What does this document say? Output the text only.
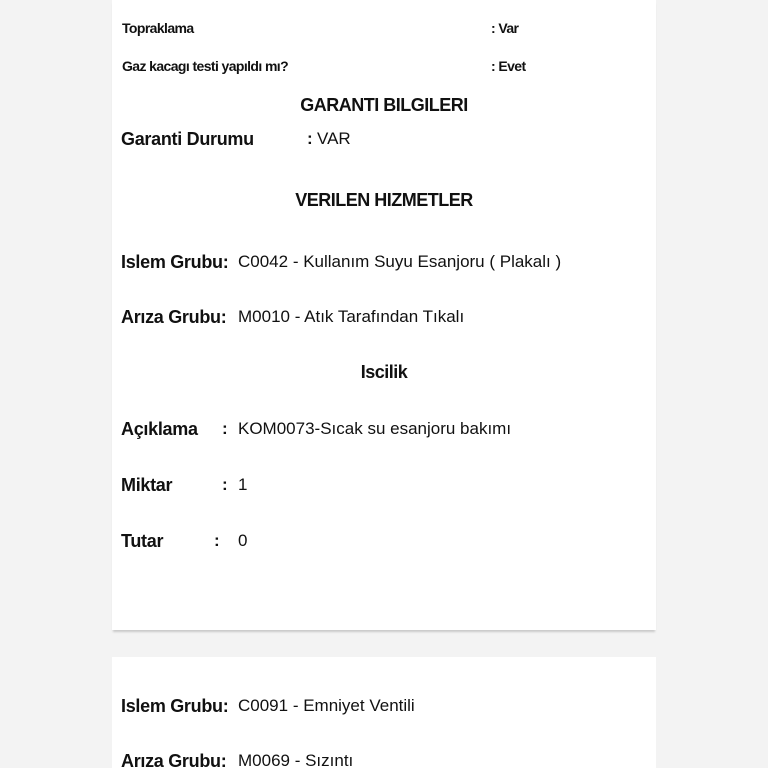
Topraklama	: Var
Gaz kacagı testi yapıldı mı?	: Evet
GARANTI BILGILERI
Garanti Durumu	: VAR
VERILEN HIZMETLER
Islem Grubu: C0042 - Kullanım Suyu Esanjoru ( Plakalı )
Arıza Grubu: M0010 - Atık Tarafından Tıkalı
Iscilik
Açıklama : KOM0073-Sıcak su esanjoru bakımı
Miktar	: 1
Tutar	: 0
Islem Grubu: C0091 - Emniyet Ventili
Arıza Grubu: M0069 - Sızıntı
